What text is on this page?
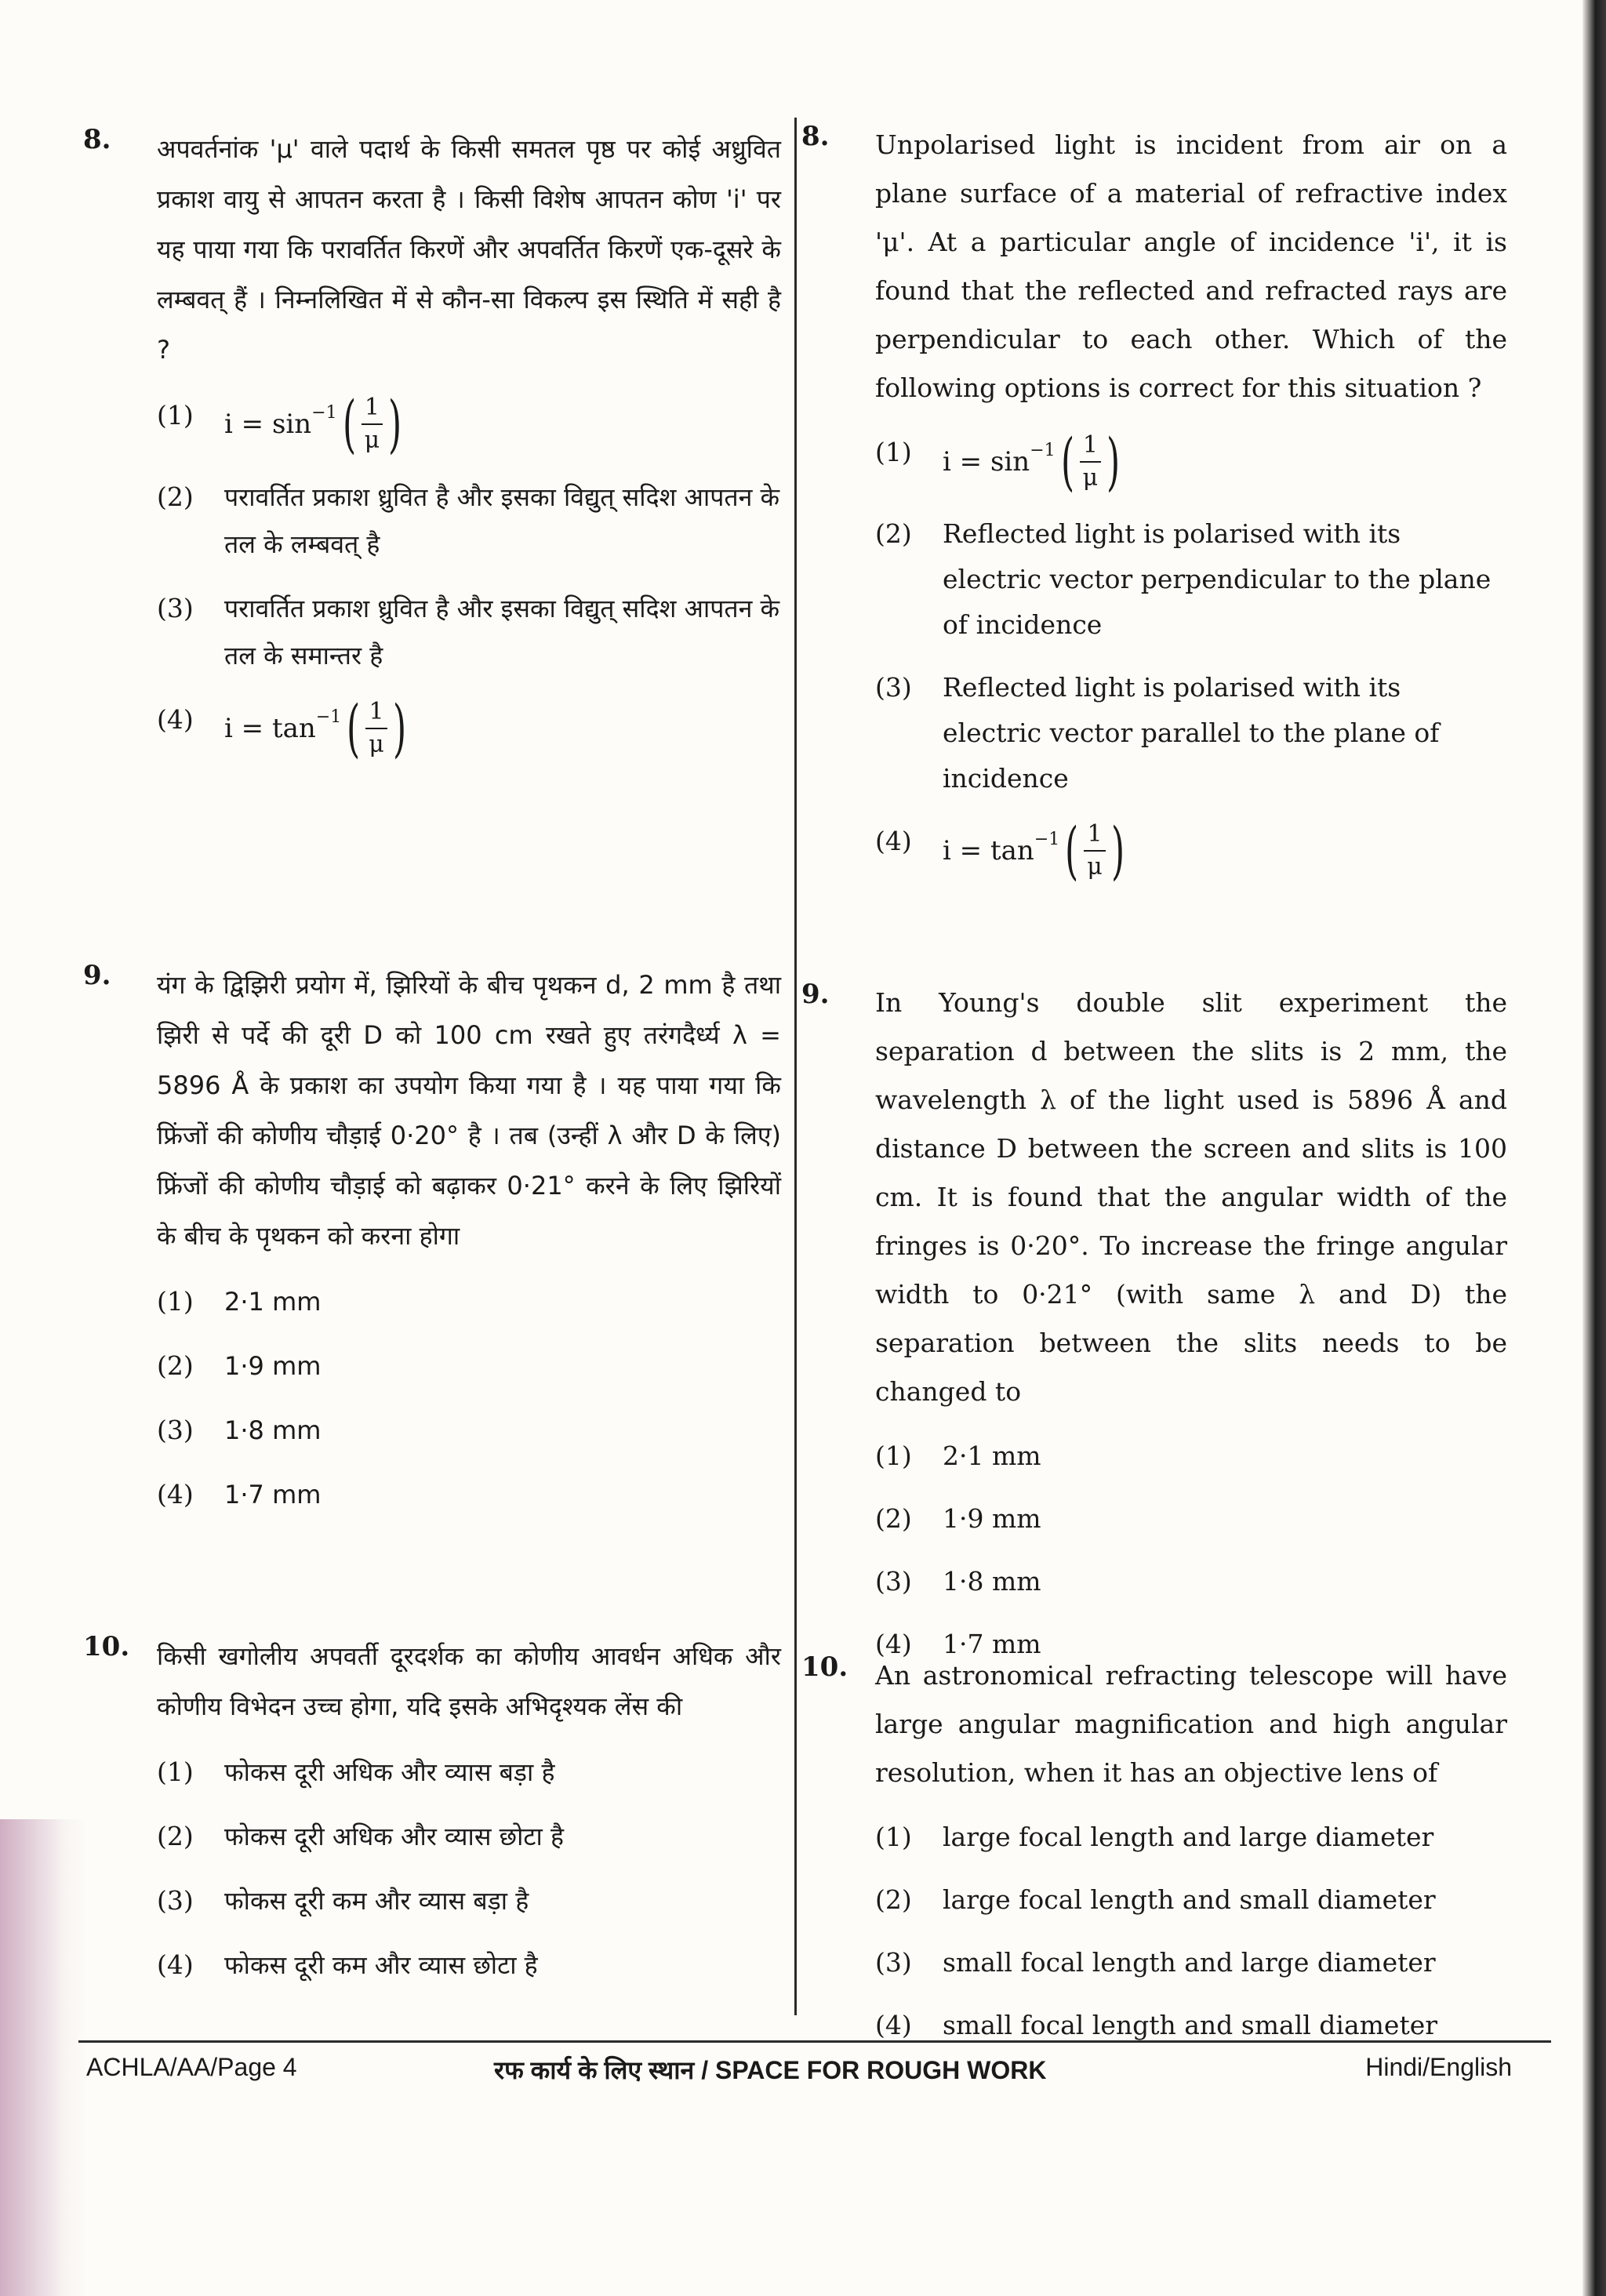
8. अपवर्तनांक 'μ' वाले पदार्थ के किसी समतल पृष्ठ पर कोई अध्रुवित प्रकाश वायु से आपतन करता है । किसी विशेष आपतन कोण 'i' पर यह पाया गया कि परावर्तित किरणें और अपवर्तित किरणें एक-दूसरे के लम्बवत् हैं । निम्नलिखित में से कौन-सा विकल्प इस स्थिति में सही है ?
(1)	i = sin −1 ( $\frac{1}{\mu}$ )
(2)	परावर्तित प्रकाश ध्रुवित है और इसका विद्युत् सदिश आपतन के तल के लम्बवत् है
(3)	परावर्तित प्रकाश ध्रुवित है और इसका विद्युत् सदिश आपतन के तल के समान्तर है
(4)	i = tan −1 ( $\frac{1}{\mu}$ )
9. यंग के द्विझिरी प्रयोग में, झिरियों के बीच पृथकन d, 2 mm है तथा झिरी से पर्दे की दूरी D को 100 cm रखते हुए तरंगदैर्ध्य λ = 5896 Å के प्रकाश का उपयोग किया गया है । यह पाया गया कि फ्रिंजों की कोणीय चौड़ाई 0·20° है । तब (उन्हीं λ और D के लिए) फ्रिंजों की कोणीय चौड़ाई को बढ़ाकर 0·21° करने के लिए झिरियों के बीच के पृथकन को करना होगा
(1)	2·1 mm
(2)	1·9 mm
(3)	1·8 mm
(4)	1·7 mm
10. किसी खगोलीय अपवर्ती दूरदर्शक का कोणीय आवर्धन अधिक और कोणीय विभेदन उच्च होगा, यदि इसके अभिदृश्यक लेंस की
(1)	फोकस दूरी अधिक और व्यास बड़ा है
(2)	फोकस दूरी अधिक और व्यास छोटा है
(3)	फोकस दूरी कम और व्यास बड़ा है
(4)	फोकस दूरी कम और व्यास छोटा है
8. Unpolarised light is incident from air on a plane surface of a material of refractive index 'μ'. At a particular angle of incidence 'i', it is found that the reflected and refracted rays are perpendicular to each other. Which of the following options is correct for this situation ?
(1)	i = sin −1 ( $\frac{1}{\mu}$ )
(2)	Reflected light is polarised with its electric vector perpendicular to the plane of incidence
(3)	Reflected light is polarised with its electric vector parallel to the plane of incidence
(4)	i = tan −1 ( $\frac{1}{\mu}$ )
9. In Young's double slit experiment the separation d between the slits is 2 mm, the wavelength λ of the light used is 5896 Å and distance D between the screen and slits is 100 cm. It is found that the angular width of the fringes is 0·20°. To increase the fringe angular width to 0·21° (with same λ and D) the separation between the slits needs to be changed to
(1)	2·1 mm
(2)	1·9 mm
(3)	1·8 mm
(4)	1·7 mm
10. An astronomical refracting telescope will have large angular magnification and high angular resolution, when it has an objective lens of
(1)	large focal length and large diameter
(2)	large focal length and small diameter
(3)	small focal length and large diameter
(4)	small focal length and small diameter
ACHLA/AA/Page 4	रफ कार्य के लिए स्थान / SPACE FOR ROUGH WORK	Hindi/English
